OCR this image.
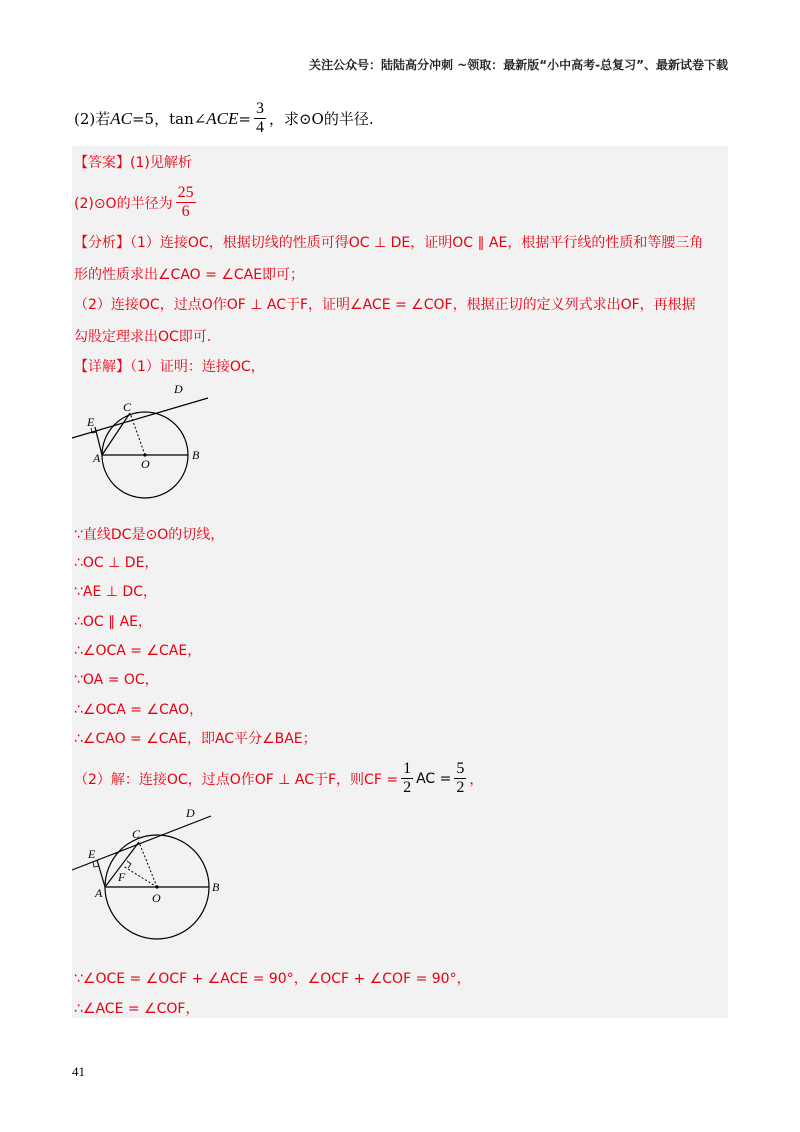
关注公众号：陆陆高分冲刺 ~领取：最新版“小中高考-总复习”、最新试卷下载
(2)若 AC =5，tan∠ ACE = $\frac{3}{4}$ ，求⊙O的半径.
【答案】(1)见解析
(2)⊙O的半径为 $\frac{25}{6}$
【分析】（1）连接OC，根据切线的性质可得OC ⊥ DE，证明OC ∥ AE，根据平行线的性质和等腰三角
形的性质求出∠CAO = ∠CAE即可；
（2）连接OC，过点O作OF ⊥ AC于F，证明∠ACE = ∠COF，根据正切的定义列式求出OF，再根据
勾股定理求出OC即可.
【详解】（1）证明：连接OC，
D
E
C
A	O
B
∵直线DC是⊙O的切线，
∴OC ⊥ DE，
∵AE ⊥ DC，
∴OC ∥ AE，
∴∠OCA = ∠CAE，
∵OA = OC，
∴∠OCA = ∠CAO，
∴∠CAO = ∠CAE，即AC平分∠BAE；
（2）解：连接OC，过点O作OF ⊥ AC于F，则CF = $\frac{1}{2}$ AC = $\frac{5}{2}$ ，
D
E
C
F
A	O
B
∵∠OCE = ∠OCF + ∠ACE = 90°，∠OCF + ∠COF = 90°，
∴∠ACE = ∠COF，
41
